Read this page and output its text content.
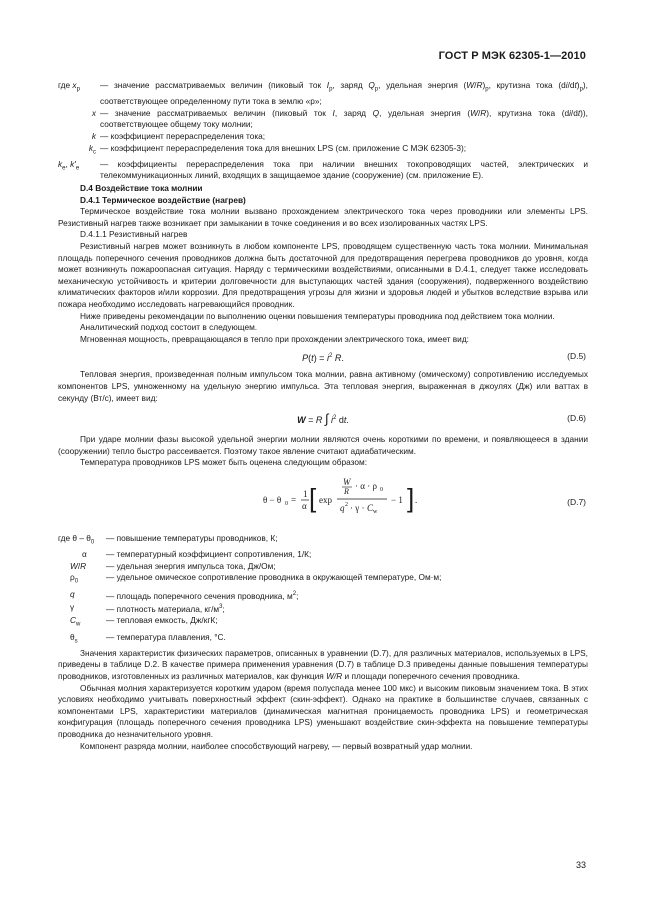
ГОСТ Р МЭК 62305-1—2010
где $x_p$	— значение рассматриваемых величин (пиковый ток $I_p$, заряд $Q_p$, удельная энергия $(W/R)_p$, крутизна тока $(di/dt)_p$), соответствующее определенному пути тока в землю «p»;
x — значение рассматриваемых величин (пиковый ток I, заряд Q, удельная энергия (W/R), крутизна тока (di/dt)), соответствующее общему току молнии;
k — коэффициент перераспределения тока;
$k_c$ — коэффициент перераспределения тока для внешних LPS (см. приложение С МЭК 62305-3);
$k_e$, $k'_e$	— коэффициенты перераспределения тока при наличии внешних токопроводящих частей, электрических и телекоммуникационных линий, входящих в защищаемое здание (сооружение) (см. приложение Е).
D.4 Воздействие тока молнии
D.4.1 Термическое воздействие (нагрев)

Термическое воздействие тока молнии вызвано прохождением электрического тока через проводники или элементы LPS. Резистивный нагрев также возникает при замыкании в точке соединения и во всех изолированных частях LPS.

D.4.1.1 Резистивный нагрев

Резистивный нагрев может возникнуть в любом компоненте LPS, проводящем существенную часть тока молнии. Минимальная площадь поперечного сечения проводников должна быть достаточной для предотвращения перегрева проводников до уровня, когда может возникнуть пожароопасная ситуация. Наряду с термическими воздействиями, описанными в D.4.1, следует также исследовать механическую устойчивость и критерии долговечности для выступающих частей здания (сооружения), подверженного воздействию климатических факторов и/или коррозии. Для предотвращения угрозы для жизни и здоровья людей и убытков вследствие взрыва или пожара необходимо исследовать нагревающийся проводник.

Ниже приведены рекомендации по выполнению оценки повышения температуры проводника под действием тока молнии.

Аналитический подход состоит в следующем.

Мгновенная мощность, превращающаяся в тепло при прохождении электрического тока, имеет вид:

$P(t) = i^2$ R.	(D.5)

Тепловая энергия, произведенная полным импульсом тока молнии, равна активному (омическому) сопротивлению исследуемых компонентов LPS, умноженному на удельную энергию импульса. Эта тепловая энергия, выраженная в джоулях (Дж) или ваттах в секунду (Вт/с), имеет вид:

W = R ∫ $i^2$ dt.	(D.6)

При ударе молнии фазы высокой удельной энергии молнии являются очень короткими по времени, и появляющееся в здании (сооружении) тепло быстро рассеивается. Поэтому такое явление считают адиабатическим.

Температура проводников LPS может быть оценена следующим образом:

θ − θ 0 =
1
α [ exp
W
R
· α · ρ 0
q 2 · γ · C w
− 1 ] .	(D.7)
где θ – $\theta_0$	— повышение температуры проводников, К;
α	— температурный коэффициент сопротивления, 1/К;
W/R	— удельная энергия импульса тока, Дж/Ом;
$\rho_0$	— удельное омическое сопротивление проводника в окружающей температуре, Ом·м;
q	— площадь поперечного сечения проводника, $м^2$;
γ	— плотность материала, $кг/м^3$;
$C_w$	— тепловая емкость, Дж/кгК;
$\theta_s$	— температура плавления, °С.

Значения характеристик физических параметров, описанных в уравнении (D.7), для различных материалов, используемых в LPS, приведены в таблице D.2. В качестве примера применения уравнения (D.7) в таблице D.3 приведены данные повышения температуры проводников, изготовленных из различных материалов, как функция W/R и площади поперечного сечения проводника.

Обычная молния характеризуется коротким ударом (время полуспада менее 100 мкс) и высоким пиковым значением тока. В этих условиях необходимо учитывать поверхностный эффект (скин-эффект). Однако на практике в большинстве случаев, связанных с компонентами LPS, характеристики материалов (динамическая магнитная проницаемость проводника LPS) и геометрическая конфигурация (площадь поперечного сечения проводника LPS) уменьшают воздействие скин-эффекта на повышение температуры проводника до незначительного уровня.

Компонент разряда молнии, наиболее способствующий нагреву, — первый возвратный удар молнии.

33
